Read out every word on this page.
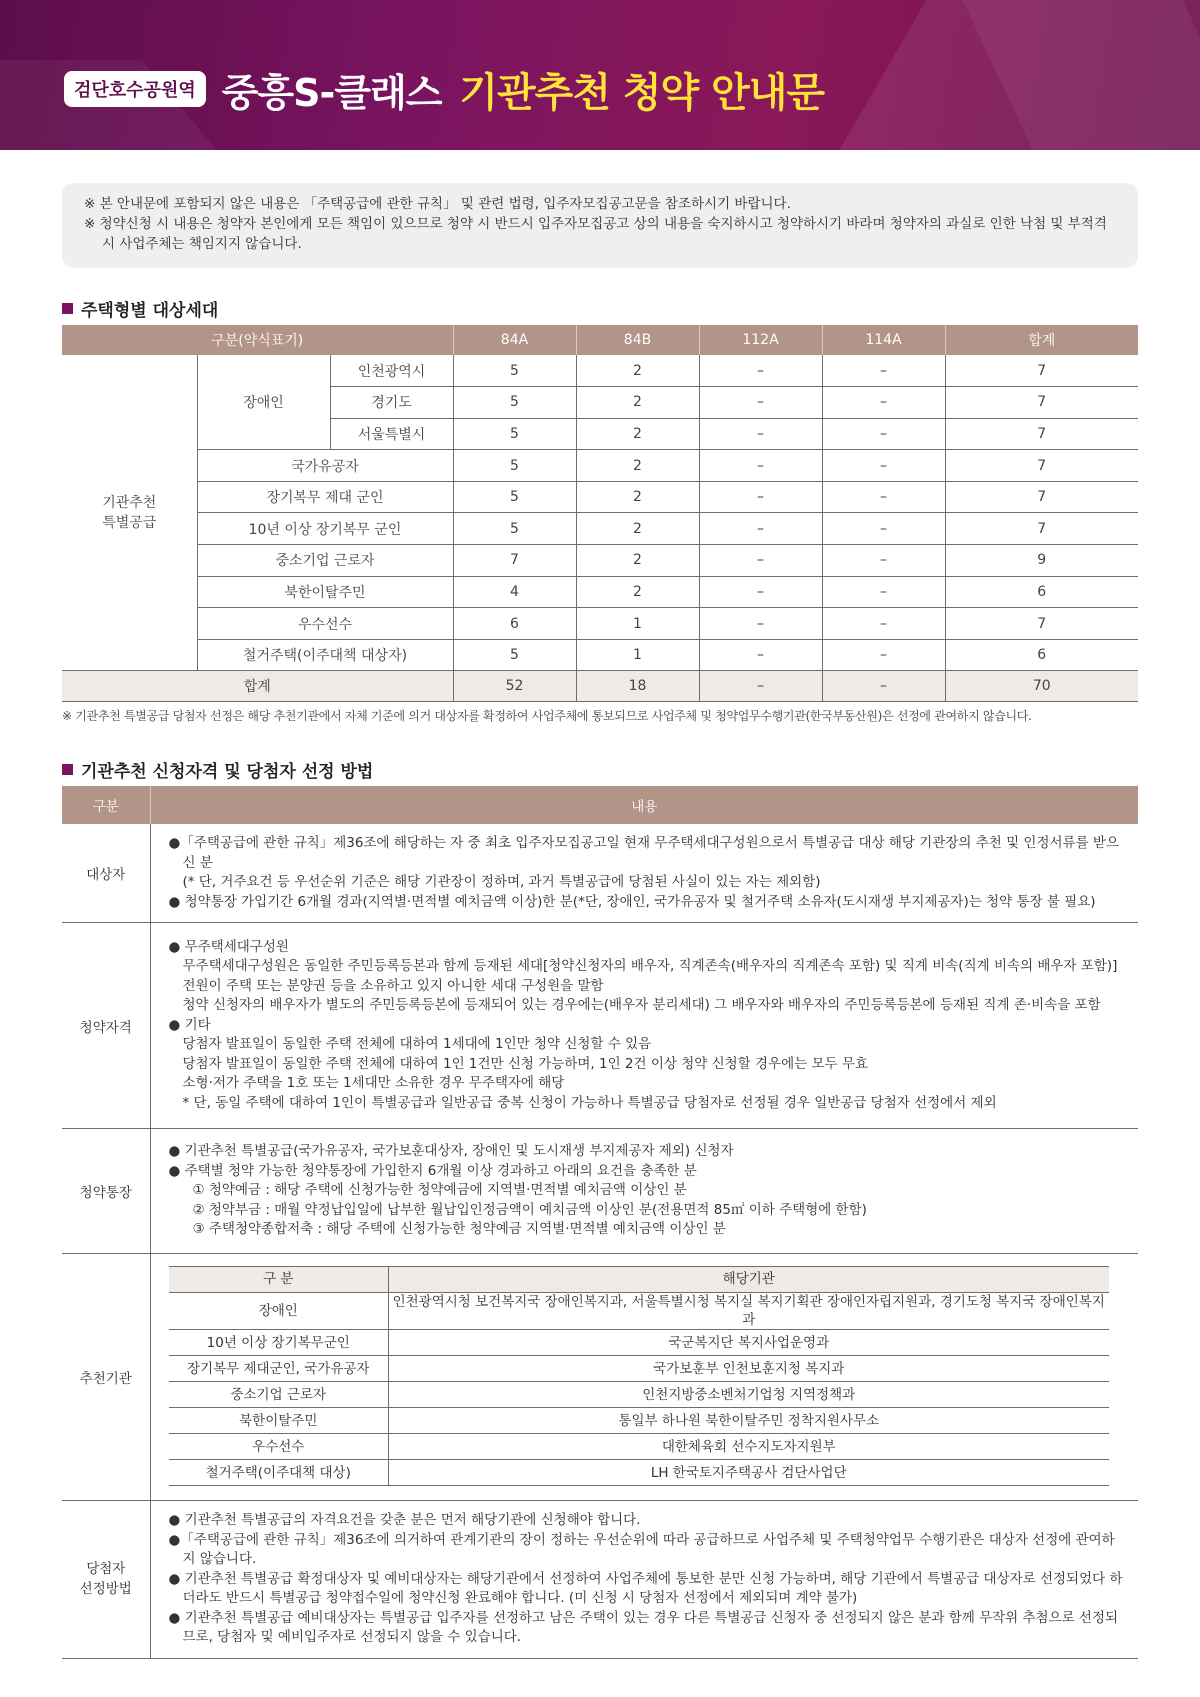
검단호수공원역 중흥S-클래스 기관추천 청약 안내문

※ 본 안내문에 포함되지 않은 내용은 「주택공급에 관한 규칙」 및 관련 법령, 입주자모집공고문을 참조하시기 바랍니다.

※ 청약신청 시 내용은 청약자 본인에게 모든 책임이 있으므로 청약 시 반드시 입주자모집공고 상의 내용을 숙지하시고 청약하시기 바라며 청약자의 과실로 인한 낙첨 및 부적격 시 사업주체는 책임지지 않습니다.

주택형별 대상세대
구분(약식표기)			84A	84B	112A	114A	합계
기관추천
특별공급	장애인	인천광역시	5	2	–	–	7
		경기도	5	2	–	–	7
		서울특별시	5	2	–	–	7
	국가유공자		5	2	–	–	7
	장기복무 제대 군인		5	2	–	–	7
	10년 이상 장기복무 군인		5	2	–	–	7
	중소기업 근로자		7	2	–	–	9
	북한이탈주민		4	2	–	–	6
	우수선수		6	1	–	–	7
	철거주택(이주대책 대상자)		5	1	–	–	6
합계			52	18	–	–	70
※ 기관추천 특별공급 당첨자 선정은 해당 추천기관에서 자체 기준에 의거 대상자를 확정하여 사업주체에 통보되므로 사업주체 및 청약업무수행기관(한국부동산원)은 선정에 관여하지 않습니다.
기관추천 신청자격 및 당첨자 선정 방법
구분	내용
대상자	
●「주택공급에 관한 규칙」제36조에 해당하는 자 중 최초 입주자모집공고일 현재 무주택세대구성원으로서 특별공급 대상 해당 기관장의 추천 및 인정서류를 받으신 분
(* 단, 거주요건 등 우선순위 기준은 해당 기관장이 정하며, 과거 특별공급에 당첨된 사실이 있는 자는 제외함)
● 청약통장 가입기간 6개월 경과(지역별·면적별 예치금액 이상)한 분(*단, 장애인, 국가유공자 및 철거주택 소유자(도시재생 부지제공자)는 청약 통장 불 필요)

청약자격	
● 무주택세대구성원
무주택세대구성원은 동일한 주민등록등본과 함께 등재된 세대[청약신청자의 배우자, 직계존속(배우자의 직계존속 포함) 및 직계 비속(직계 비속의 배우자 포함)] 전원이 주택 또는 분양권 등을 소유하고 있지 아니한 세대 구성원을 말함
청약 신청자의 배우자가 별도의 주민등록등본에 등재되어 있는 경우에는(배우자 분리세대) 그 배우자와 배우자의 주민등록등본에 등재된 직계 존·비속을 포함
● 기타
당첨자 발표일이 동일한 주택 전체에 대하여 1세대에 1인만 청약 신청할 수 있음
당첨자 발표일이 동일한 주택 전체에 대하여 1인 1건만 신청 가능하며, 1인 2건 이상 청약 신청할 경우에는 모두 무효
소형·저가 주택을 1호 또는 1세대만 소유한 경우 무주택자에 해당
* 단, 동일 주택에 대하여 1인이 특별공급과 일반공급 중복 신청이 가능하나 특별공급 당첨자로 선정될 경우 일반공급 당첨자 선정에서 제외

청약통장	
● 기관추천 특별공급(국가유공자, 국가보훈대상자, 장애인 및 도시재생 부지제공자 제외) 신청자
● 주택별 청약 가능한 청약통장에 가입한지 6개월 이상 경과하고 아래의 요건을 충족한 분
① 청약예금 : 해당 주택에 신청가능한 청약예금에 지역별·면적별 예치금액 이상인 분
② 청약부금 : 매월 약정납입일에 납부한 월납입인정금액이 예치금액 이상인 분(전용면적 85㎡ 이하 주택형에 한함)
③ 주택청약종합저축 : 해당 주택에 신청가능한 청약예금 지역별·면적별 예치금액 이상인 분

추천기관	
구 분	해당기관
장애인	인천광역시청 보건복지국 장애인복지과, 서울특별시청 복지실 복지기획관 장애인자립지원과, 경기도청 복지국 장애인복지과
10년 이상 장기복무군인	국군복지단 복지사업운영과
장기복무 제대군인, 국가유공자	국가보훈부 인천보훈지청 복지과
중소기업 근로자	인천지방중소벤처기업청 지역정책과
북한이탈주민	통일부 하나원 북한이탈주민 정착지원사무소
우수선수	대한체육회 선수지도자지원부
철거주택(이주대책 대상)	LH 한국토지주택공사 검단사업단

당첨자
선정방법	
● 기관추천 특별공급의 자격요건을 갖춘 분은 먼저 해당기관에 신청해야 합니다.
●「주택공급에 관한 규칙」제36조에 의거하여 관계기관의 장이 정하는 우선순위에 따라 공급하므로 사업주체 및 주택청약업무 수행기관은 대상자 선정에 관여하지 않습니다.
● 기관추천 특별공급 확정대상자 및 예비대상자는 해당기관에서 선정하여 사업주체에 통보한 분만 신청 가능하며, 해당 기관에서 특별공급 대상자로 선정되었다 하더라도 반드시 특별공급 청약접수일에 청약신청 완료해야 합니다. (미 신청 시 당첨자 선정에서 제외되며 계약 불가)
● 기관추천 특별공급 예비대상자는 특별공급 입주자를 선정하고 남은 주택이 있는 경우 다른 특별공급 신청자 중 선정되지 않은 분과 함께 무작위 추첨으로 선정되므로, 당첨자 및 예비입주자로 선정되지 않을 수 있습니다.
